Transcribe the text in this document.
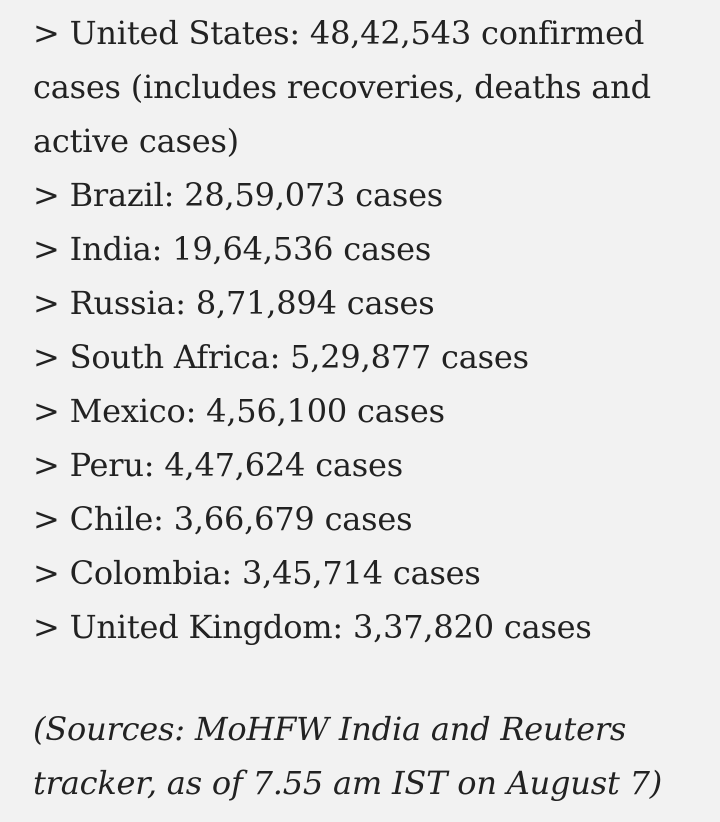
> United States: 48,42,543 confirmed cases (includes recoveries, deaths and active cases)
> Brazil: 28,59,073 cases
> India: 19,64,536 cases
> Russia: 8,71,894 cases
> South Africa: 5,29,877 cases
> Mexico: 4,56,100 cases
> Peru: 4,47,624 cases
> Chile: 3,66,679 cases
> Colombia: 3,45,714 cases
> United Kingdom: 3,37,820 cases

(Sources: MoHFW India and Reuters tracker, as of 7.55 am IST on August 7)
